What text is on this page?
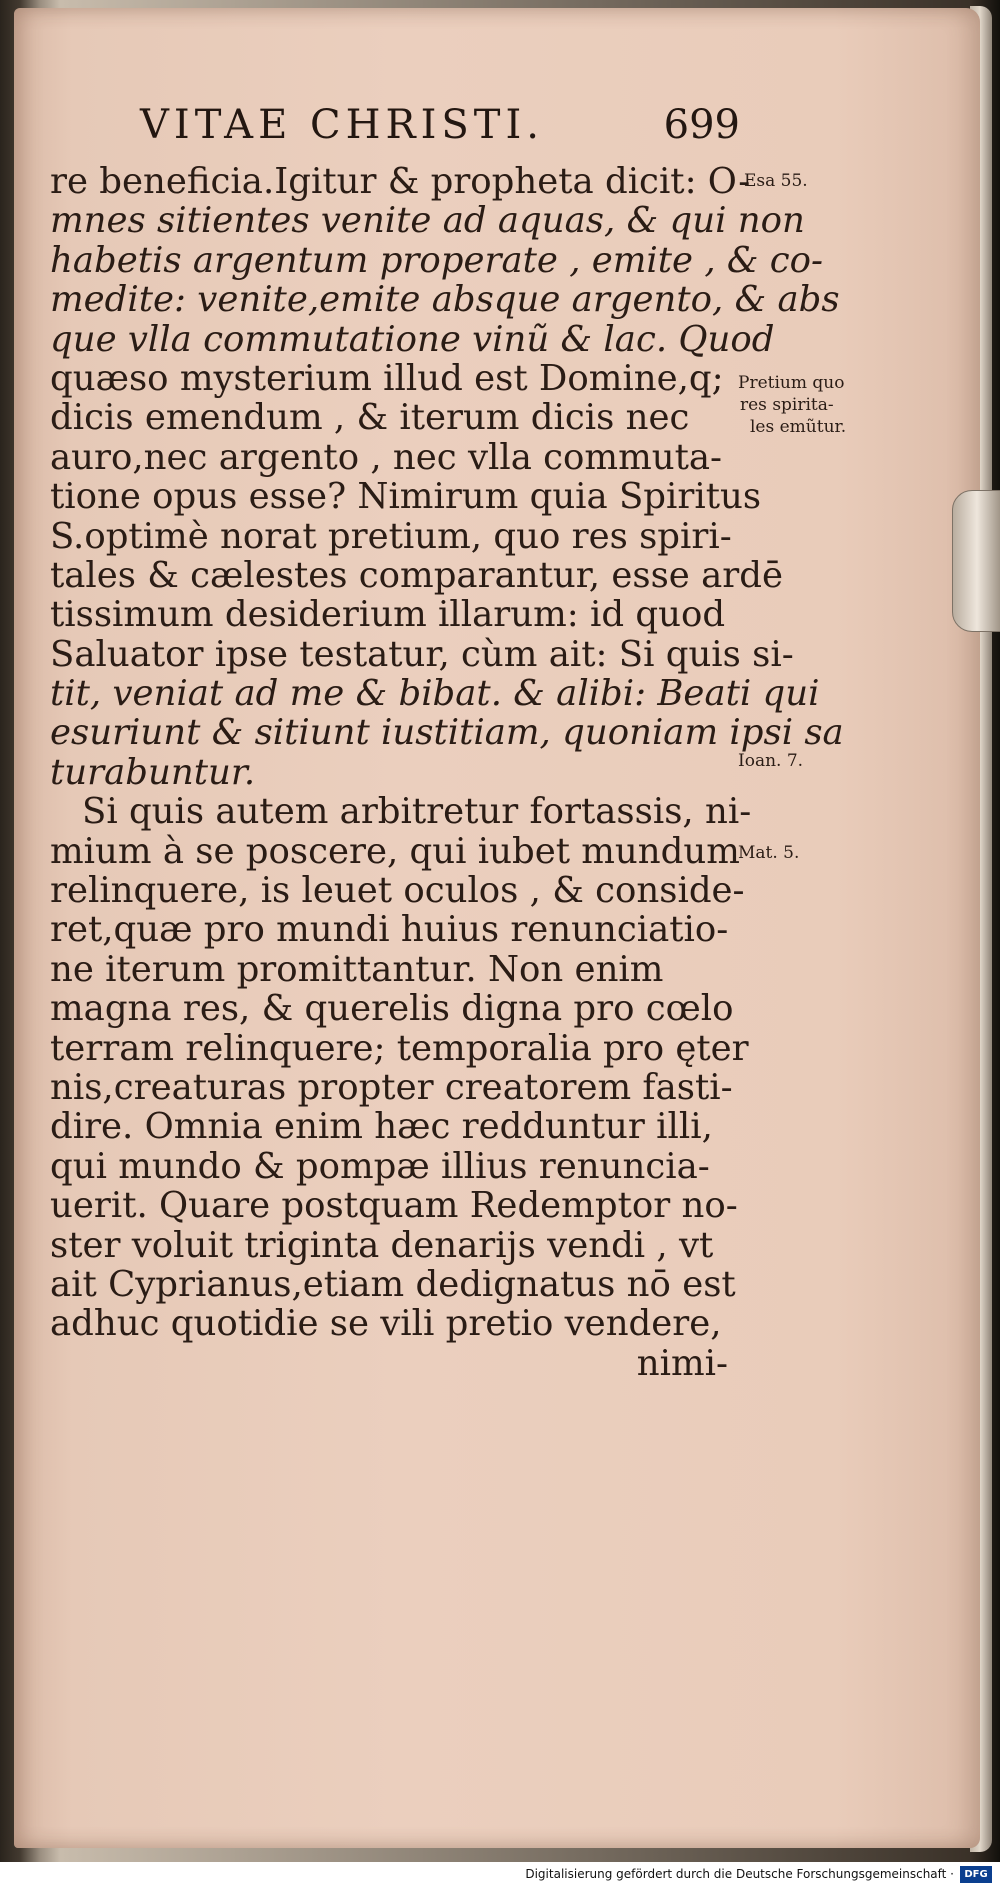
VITAE CHRISTI.	699
re beneficia.Igitur & propheta dicit: O-
mnes sitientes venite ad aquas, & qui non
habetis argentum properate , emite , & co-
medite: venite,emite absque argento, & abs
que vlla commutatione vinũ & lac. Quod
quæso mysterium illud est Domine,q;
dicis emendum , & iterum dicis nec
auro,nec argento , nec vlla commuta-
tione opus esse? Nimirum quia Spiritus
S.optimè norat pretium, quo res spiri-
tales & cælestes comparantur, esse ardē
tissimum desiderium illarum: id quod
Saluator ipse testatur, cùm ait: Si quis si-
tit, veniat ad me & bibat. & alibi: Beati qui
esuriunt & sitiunt iustitiam, quoniam ipsi sa
turabuntur.
Si quis autem arbitretur fortassis, ni-
mium à se poscere, qui iubet mundum
relinquere, is leuet oculos , & conside-
ret,quæ pro mundi huius renunciatio-
ne iterum promittantur. Non enim
magna res, & querelis digna pro cœlo
terram relinquere; temporalia pro ęter
nis,creaturas propter creatorem fasti-
dire. Omnia enim hæc redduntur illi,
qui mundo & pompæ illius renuncia-
uerit. Quare postquam Redemptor no-
ster voluit triginta denarijs vendi , vt
ait Cyprianus,etiam dedignatus nō est
adhuc quotidie se vili pretio vendere,
nimi-
Esa 55.
Pretium quo
res spirita-
les emũtur.
Ioan. 7.
Mat. 5.
Digitalisierung gefördert durch die Deutsche Forschungsgemeinschaft ·	DFG
